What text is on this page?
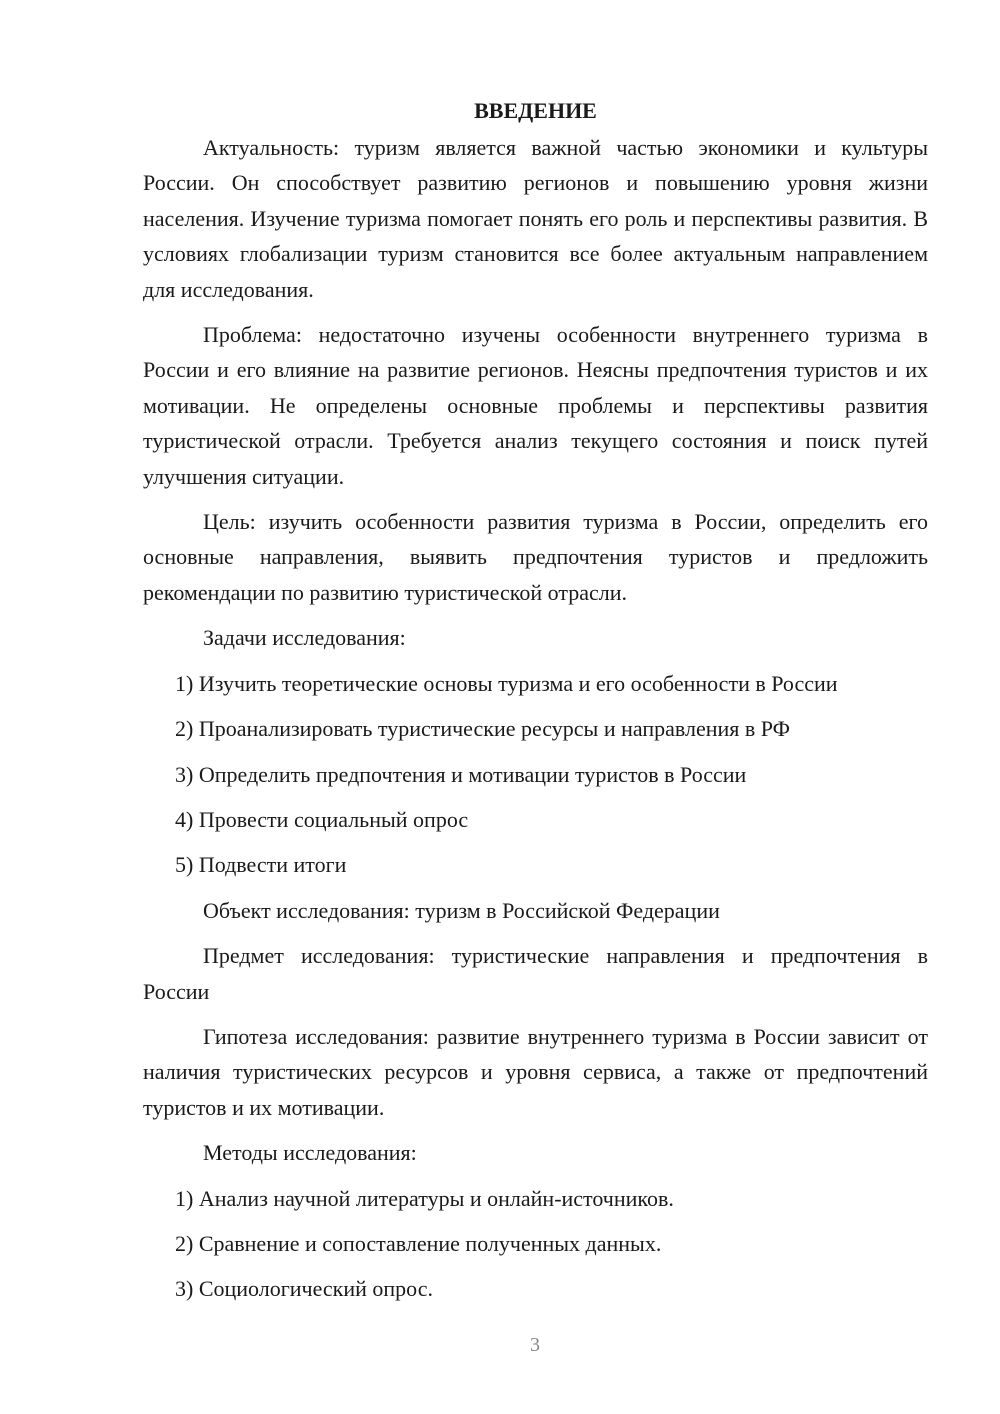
ВВЕДЕНИЕ

Актуальность: туризм является важной частью экономики и культуры России. Он способствует развитию регионов и повышению уровня жизни населения. Изучение туризма помогает понять его роль и перспективы развития. В условиях глобализации туризм становится все более актуальным направлением для исследования.

Проблема: недостаточно изучены особенности внутреннего туризма в России и его влияние на развитие регионов. Неясны предпочтения туристов и их мотивации. Не определены основные проблемы и перспективы развития туристической отрасли. Требуется анализ текущего состояния и поиск путей улучшения ситуации.

Цель: изучить особенности развития туризма в России, определить его основные направления, выявить предпочтения туристов и предложить рекомендации по развитию туристической отрасли.

Задачи исследования:

1) Изучить теоретические основы туризма и его особенности в России
2) Проанализировать туристические ресурсы и направления в РФ
3) Определить предпочтения и мотивации туристов в России
4) Провести социальный опрос
5) Подвести итоги

Объект исследования: туризм в Российской Федерации

Предмет исследования: туристические направления и предпочтения в России

Гипотеза исследования: развитие внутреннего туризма в России зависит от наличия туристических ресурсов и уровня сервиса, а также от предпочтений туристов и их мотивации.

Методы исследования:

1) Анализ научной литературы и онлайн-источников.
2) Сравнение и сопоставление полученных данных.
3) Социологический опрос.
3
